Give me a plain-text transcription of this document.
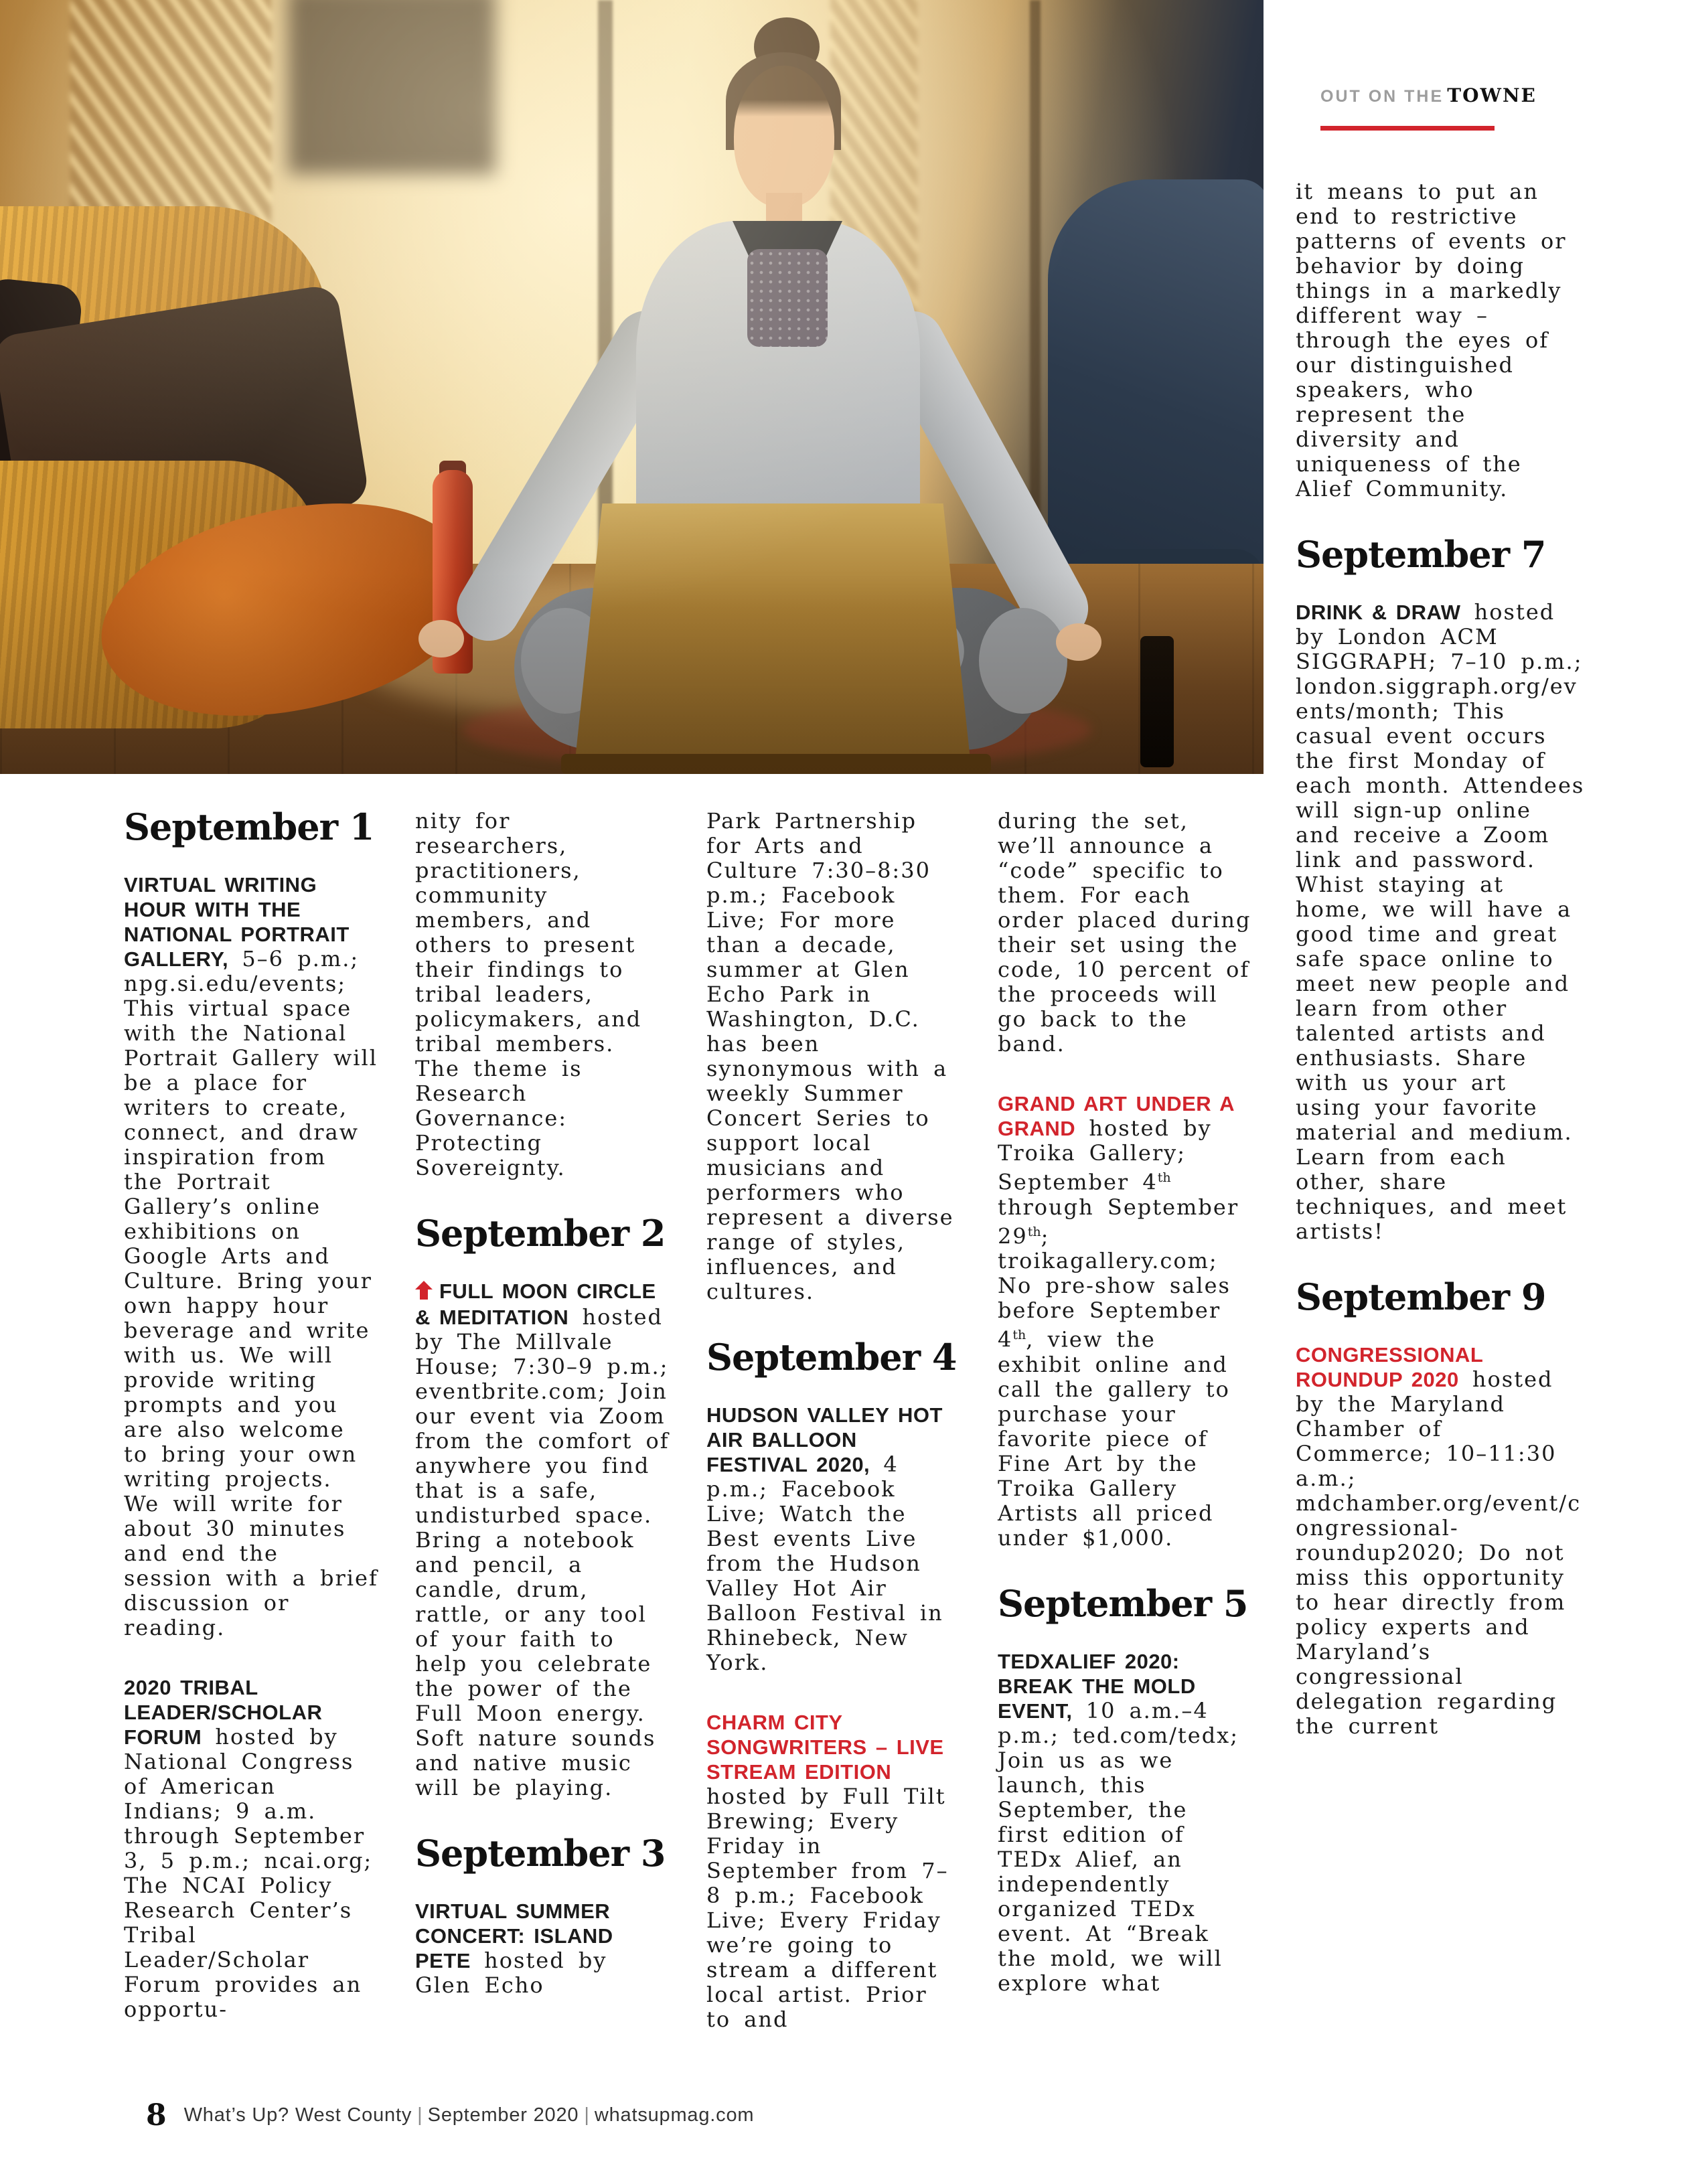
OUT ON THE TOWNE
September 1

VIRTUAL WRITING HOUR WITH THE NATIONAL PORTRAIT GALLERY, 5–6 p.m.; npg.si.edu/events; This virtual space with the National Portrait Gallery will be a place for writers to create, connect, and draw inspiration from the Portrait Gallery’s online exhibitions on Google Arts and Culture. Bring your own happy hour beverage and write with us. We will provide writing prompts and you are also welcome to bring your own writing projects. We will write for about 30 minutes and end the session with a brief discussion or reading.

2020 TRIBAL LEADER/SCHOLAR FORUM hosted by National Congress of American Indians; 9 a.m. through September 3, 5 p.m.; ncai.org; The NCAI Policy Research Center’s Tribal Leader/Scholar Forum provides an opportu-

nity for researchers, practitioners, community members, and others to present their findings to tribal leaders, policymakers, and tribal members. The theme is Research Governance: Protecting Sovereignty.

September 2

FULL MOON CIRCLE & MEDITATION hosted by The Millvale House; 7:30–9 p.m.; eventbrite.com; Join our event via Zoom from the comfort of anywhere you find that is a safe, undisturbed space. Bring a notebook and pencil, a candle, drum, rattle, or any tool of your faith to help you celebrate the power of the Full Moon energy. Soft nature sounds and native music will be playing.

September 3

VIRTUAL SUMMER CONCERT: ISLAND PETE hosted by Glen Echo

Park Partnership for Arts and Culture 7:30–8:30 p.m.; Facebook Live; For more than a decade, summer at Glen Echo Park in Washington, D.C. has been synonymous with a weekly Summer Concert Series to support local musicians and performers who represent a diverse range of styles, influences, and cultures.

September 4

HUDSON VALLEY HOT AIR BALLOON FESTIVAL 2020, 4 p.m.; Facebook Live; Watch the Best events Live from the Hudson Valley Hot Air Balloon Festival in Rhinebeck, New York.

CHARM CITY SONGWRITERS – LIVE STREAM EDITION hosted by Full Tilt Brewing; Every Friday in September from 7–8 p.m.; Facebook Live; Every Friday we’re going to stream a different local artist. Prior to and

during the set, we’ll announce a “code” specific to them. For each order placed during their set using the code, 10 percent of the proceeds will go back to the band.

GRAND ART UNDER A GRAND hosted by Troika Gallery; September 4th through September 29th; troikagallery.com; No pre-show sales before September 4th, view the exhibit online and call the gallery to purchase your favorite piece of Fine Art by the Troika Gallery Artists all priced under $1,000.

September 5

TEDXALIEF 2020: BREAK THE MOLD EVENT, 10 a.m.–4 p.m.; ted.com/tedx; Join us as we launch, this September, the first edition of TEDx Alief, an independently organized TEDx event. At “Break the mold, we will explore what

it means to put an end to restrictive patterns of events or behavior by doing things in a markedly different way – through the eyes of our distinguished speakers, who represent the diversity and uniqueness of the Alief Community.

September 7

DRINK & DRAW hosted by London ACM SIGGRAPH; 7–10 p.m.; london.siggraph.org/events/month; This casual event occurs the first Monday of each month. Attendees will sign-up online and receive a Zoom link and password. Whist staying at home, we will have a good time and great safe space online to meet new people and learn from other talented artists and enthusiasts. Share with us your art using your favorite material and medium. Learn from each other, share techniques, and meet artists!

September 9

CONGRESSIONAL ROUNDUP 2020 hosted by the Maryland Chamber of Commerce; 10–11:30 a.m.; mdchamber.org/event/congressional-roundup2020; Do not miss this opportunity to hear directly from policy experts and Maryland’s congressional delegation regarding the current

8 What’s Up? West County | September 2020 | whatsupmag.com
